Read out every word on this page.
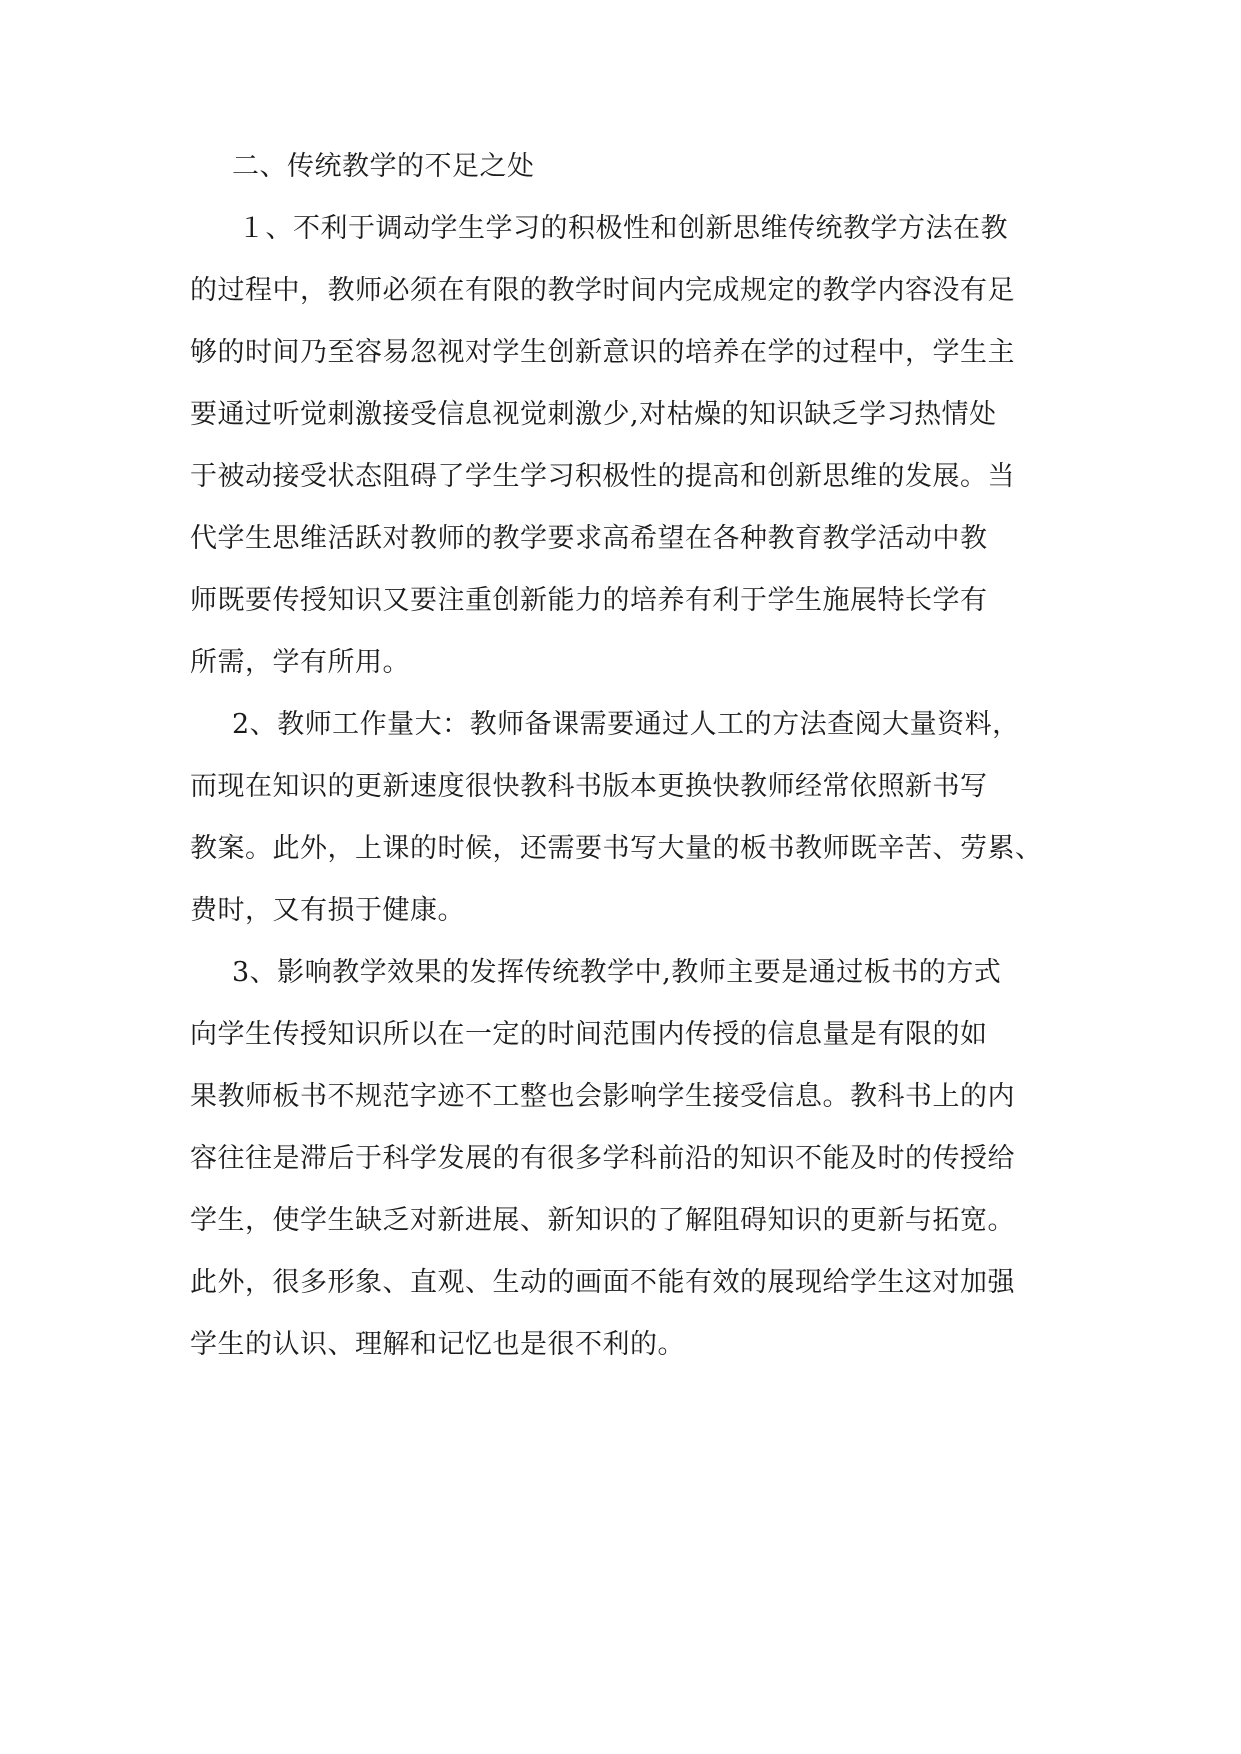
二、传统教学的不足之处
１、不利于调动学生学习的积极性和创新思维传统教学方法在教
的过程中，教师必须在有限的教学时间内完成规定的教学内容没有足
够的时间乃至容易忽视对学生创新意识的培养在学的过程中，学生主
要通过听觉刺激接受信息视觉刺激少,对枯燥的知识缺乏学习热情处
于被动接受状态阻碍了学生学习积极性的提高和创新思维的发展。当
代学生思维活跃对教师的教学要求高希望在各种教育教学活动中教
师既要传授知识又要注重创新能力的培养有利于学生施展特长学有
所需，学有所用。
2、教师工作量大：教师备课需要通过人工的方法查阅大量资料，
而现在知识的更新速度很快教科书版本更换快教师经常依照新书写
教案。此外，上课的时候，还需要书写大量的板书教师既辛苦、劳累、
费时，又有损于健康。
3、影响教学效果的发挥传统教学中,教师主要是通过板书的方式
向学生传授知识所以在一定的时间范围内传授的信息量是有限的如
果教师板书不规范字迹不工整也会影响学生接受信息。教科书上的内
容往往是滞后于科学发展的有很多学科前沿的知识不能及时的传授给
学生，使学生缺乏对新进展、新知识的了解阻碍知识的更新与拓宽。
此外，很多形象、直观、生动的画面不能有效的展现给学生这对加强
学生的认识、理解和记忆也是很不利的。
